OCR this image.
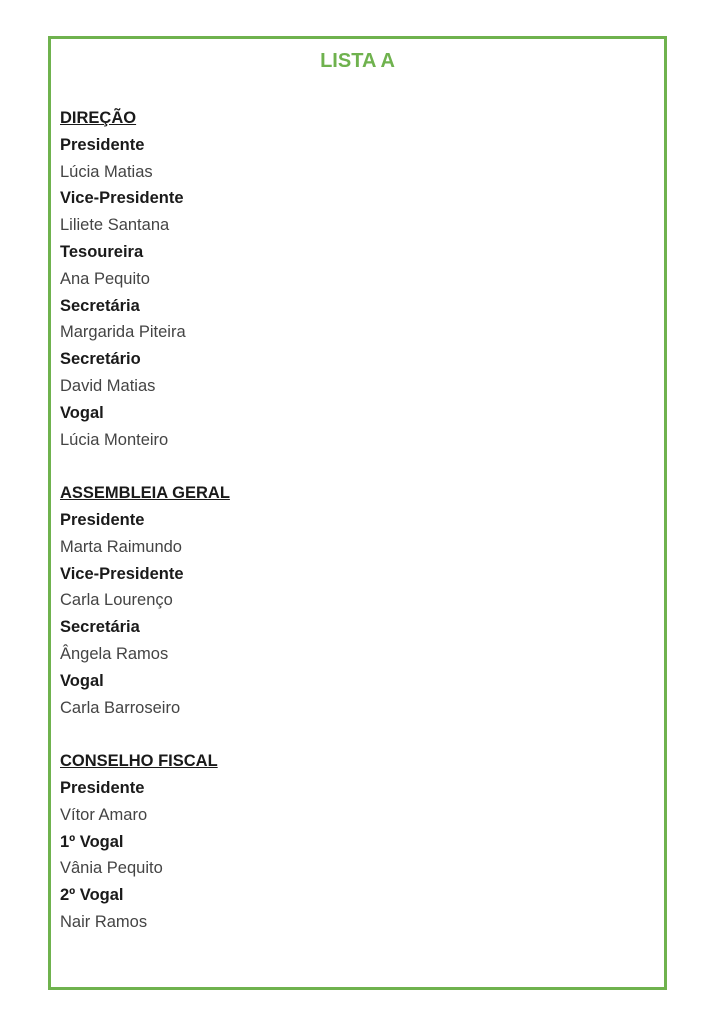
LISTA A
DIREÇÃO
Presidente
Lúcia Matias
Vice-Presidente
Liliete Santana
Tesoureira
Ana Pequito
Secretária
Margarida Piteira
Secretário
David Matias
Vogal
Lúcia Monteiro
ASSEMBLEIA GERAL
Presidente
Marta Raimundo
Vice-Presidente
Carla Lourenço
Secretária
Ângela Ramos
Vogal
Carla Barroseiro
CONSELHO FISCAL
Presidente
Vítor Amaro
1º Vogal
Vânia Pequito
2º Vogal
Nair Ramos
